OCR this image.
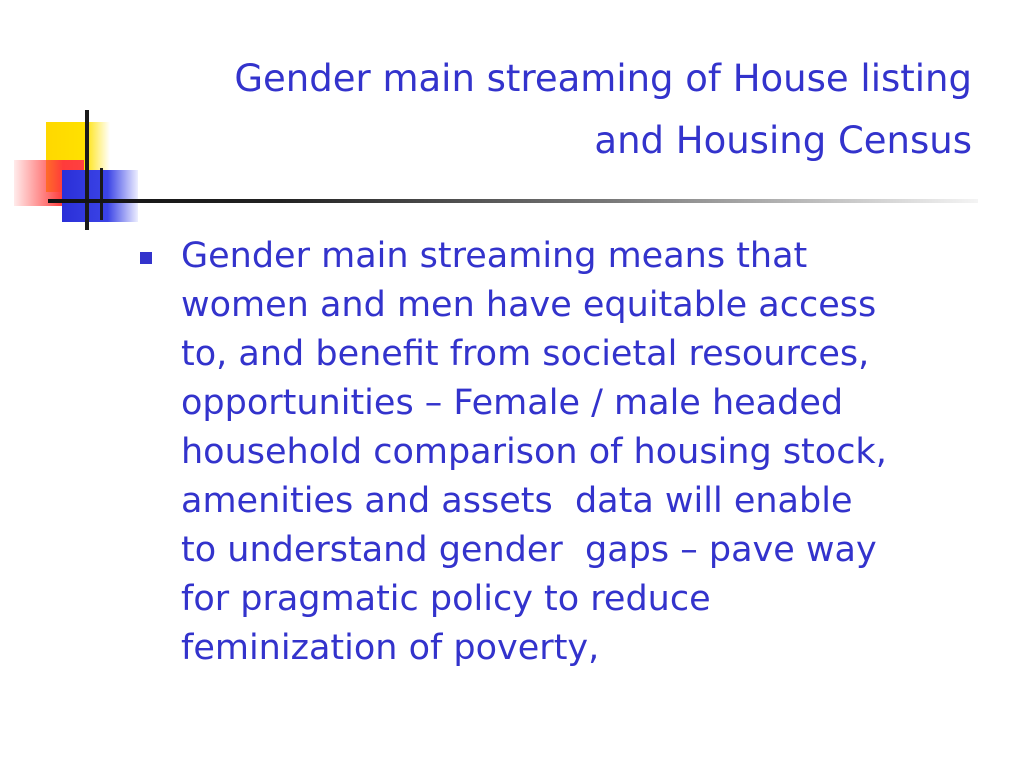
Gender main streaming of House listing
and Housing Census
Gender main streaming means that
women and men have equitable access
to, and benefit from societal resources,
opportunities – Female / male headed
household comparison of housing stock,
amenities and assets  data will enable
to understand gender  gaps – pave way
for pragmatic policy to reduce
feminization of poverty,
